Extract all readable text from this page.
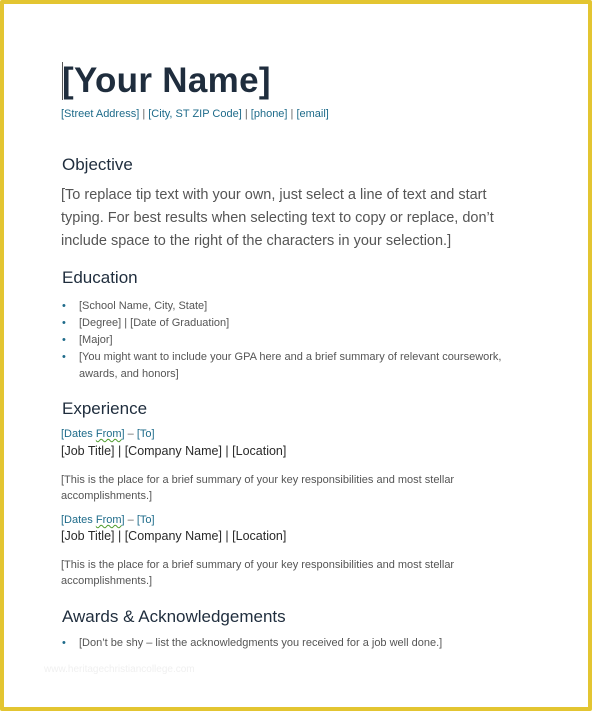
[Your Name]
[Street Address] | [City, ST ZIP Code] | [phone] | [email]
Objective

[To replace tip text with your own, just select a line of text and start typing. For best results when selecting text to copy or replace, don’t include space to the right of the characters in your selection.]

Education
• [School Name, City, State]
• [Degree] | [Date of Graduation]
• [Major]
• [You might want to include your GPA here and a brief summary of relevant coursework, awards, and honors]
Experience
[Dates From] – [To]
[Job Title] | [Company Name] | [Location]

[This is the place for a brief summary of your key responsibilities and most stellar accomplishments.]

[Dates From] – [To]
[Job Title] | [Company Name] | [Location]

[This is the place for a brief summary of your key responsibilities and most stellar accomplishments.]

Awards & Acknowledgements
• [Don’t be shy – list the acknowledgments you received for a job well done.]
www.heritagechristiancollege.com
